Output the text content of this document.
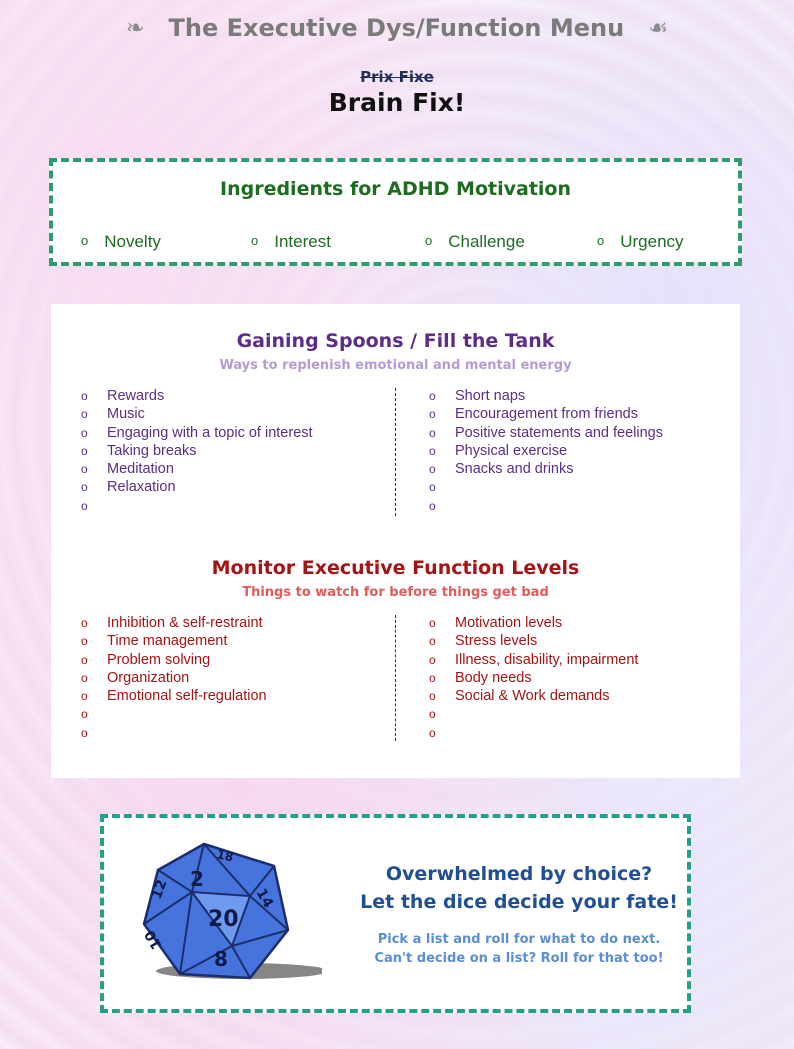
❧ The Executive Dys/Function Menu ☙
Prix Fixe
Brain Fix!
Ingredients for ADHD Motivation
o Novelty	o Interest	o Challenge	o Urgency
Gaining Spoons / Fill the Tank
Ways to replenish emotional and mental energy
o Rewards
o Music
o Engaging with a topic of interest
o Taking breaks
o Meditation
o Relaxation
o
o Short naps
o Encouragement from friends
o Positive statements and feelings
o Physical exercise
o Snacks and drinks
o
o
Monitor Executive Function Levels
Things to watch for before things get bad
o Inhibition & self-restraint
o Time management
o Problem solving
o Organization
o Emotional self-regulation
o
o
o Motivation levels
o Stress levels
o Illness, disability, impairment
o Body needs
o Social & Work demands
o
o
18
2
20
14
12
10
8
Overwhelmed by choice?
Let the dice decide your fate!
Pick a list and roll for what to do next.
Can't decide on a list? Roll for that too!
